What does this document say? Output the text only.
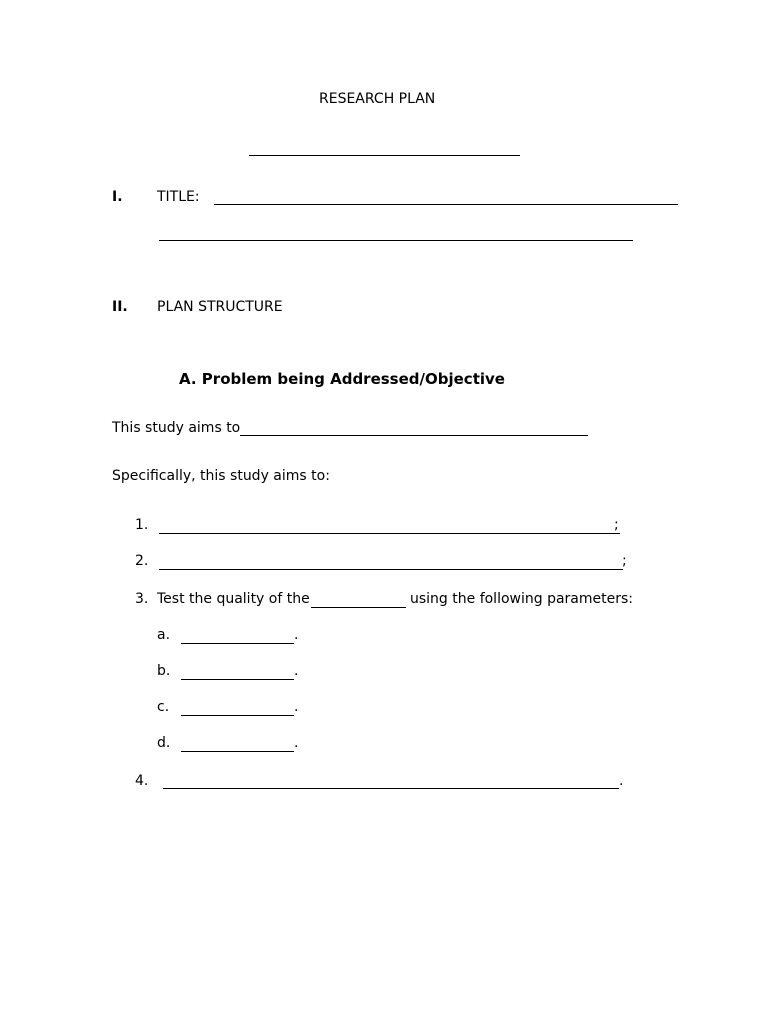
RESEARCH PLAN
I. TITLE:
II. PLAN STRUCTURE
A. Problem being Addressed/Objective
This study aims to
Specifically, this study aims to:
1.	;
2.	;
3. Test the quality of the	using the following parameters:
a.	.
b.	.
c.	.
d.	.
4.	.
